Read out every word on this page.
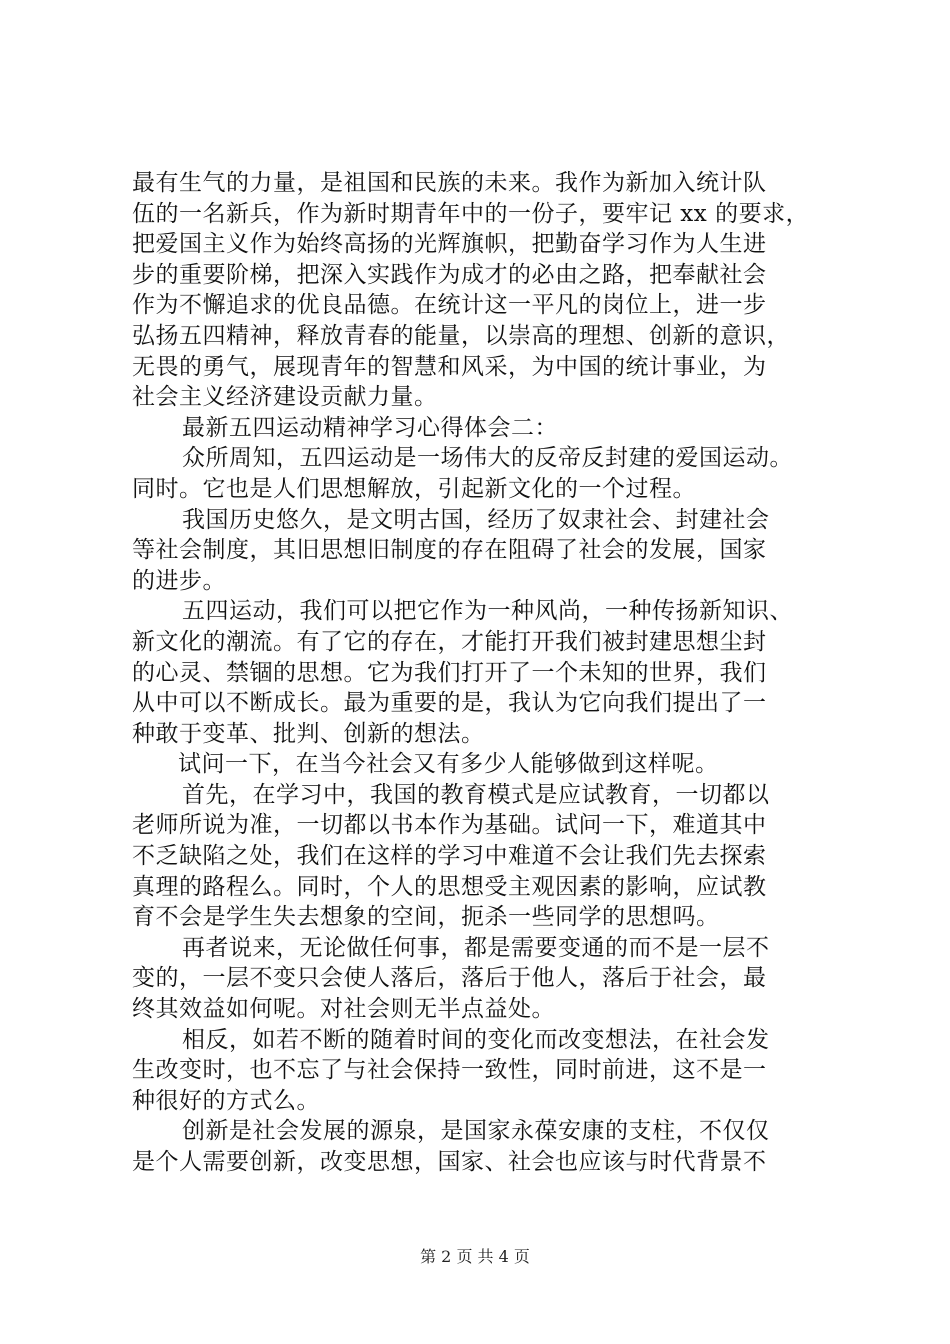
最有生气的力量，是祖国和民族的未来。我作为新加入统计队
伍的一名新兵，作为新时期青年中的一份子，要牢记 xx 的要求，
把爱国主义作为始终高扬的光辉旗帜，把勤奋学习作为人生进
步的重要阶梯，把深入实践作为成才的必由之路，把奉献社会
作为不懈追求的优良品德。在统计这一平凡的岗位上，进一步
弘扬五四精神，释放青春的能量，以崇高的理想、创新的意识，
无畏的勇气，展现青年的智慧和风采，为中国的统计事业，为
社会主义经济建设贡献力量。
最新五四运动精神学习心得体会二：
众所周知，五四运动是一场伟大的反帝反封建的爱国运动。
同时。它也是人们思想解放，引起新文化的一个过程。
我国历史悠久，是文明古国，经历了奴隶社会、封建社会
等社会制度，其旧思想旧制度的存在阻碍了社会的发展，国家
的进步。
五四运动，我们可以把它作为一种风尚，一种传扬新知识、
新文化的潮流。有了它的存在，才能打开我们被封建思想尘封
的心灵、禁锢的思想。它为我们打开了一个未知的世界，我们
从中可以不断成长。最为重要的是，我认为它向我们提出了一
种敢于变革、批判、创新的想法。
试问一下，在当今社会又有多少人能够做到这样呢。
首先，在学习中，我国的教育模式是应试教育，一切都以
老师所说为准，一切都以书本作为基础。试问一下，难道其中
不乏缺陷之处，我们在这样的学习中难道不会让我们先去探索
真理的路程么。同时，个人的思想受主观因素的影响，应试教
育不会是学生失去想象的空间，扼杀一些同学的思想吗。
再者说来，无论做任何事，都是需要变通的而不是一层不
变的，一层不变只会使人落后，落后于他人，落后于社会，最
终其效益如何呢。对社会则无半点益处。
相反，如若不断的随着时间的变化而改变想法，在社会发
生改变时，也不忘了与社会保持一致性，同时前进，这不是一
种很好的方式么。
创新是社会发展的源泉，是国家永葆安康的支柱，不仅仅
是个人需要创新，改变思想，国家、社会也应该与时代背景不
第 2 页 共 4 页
